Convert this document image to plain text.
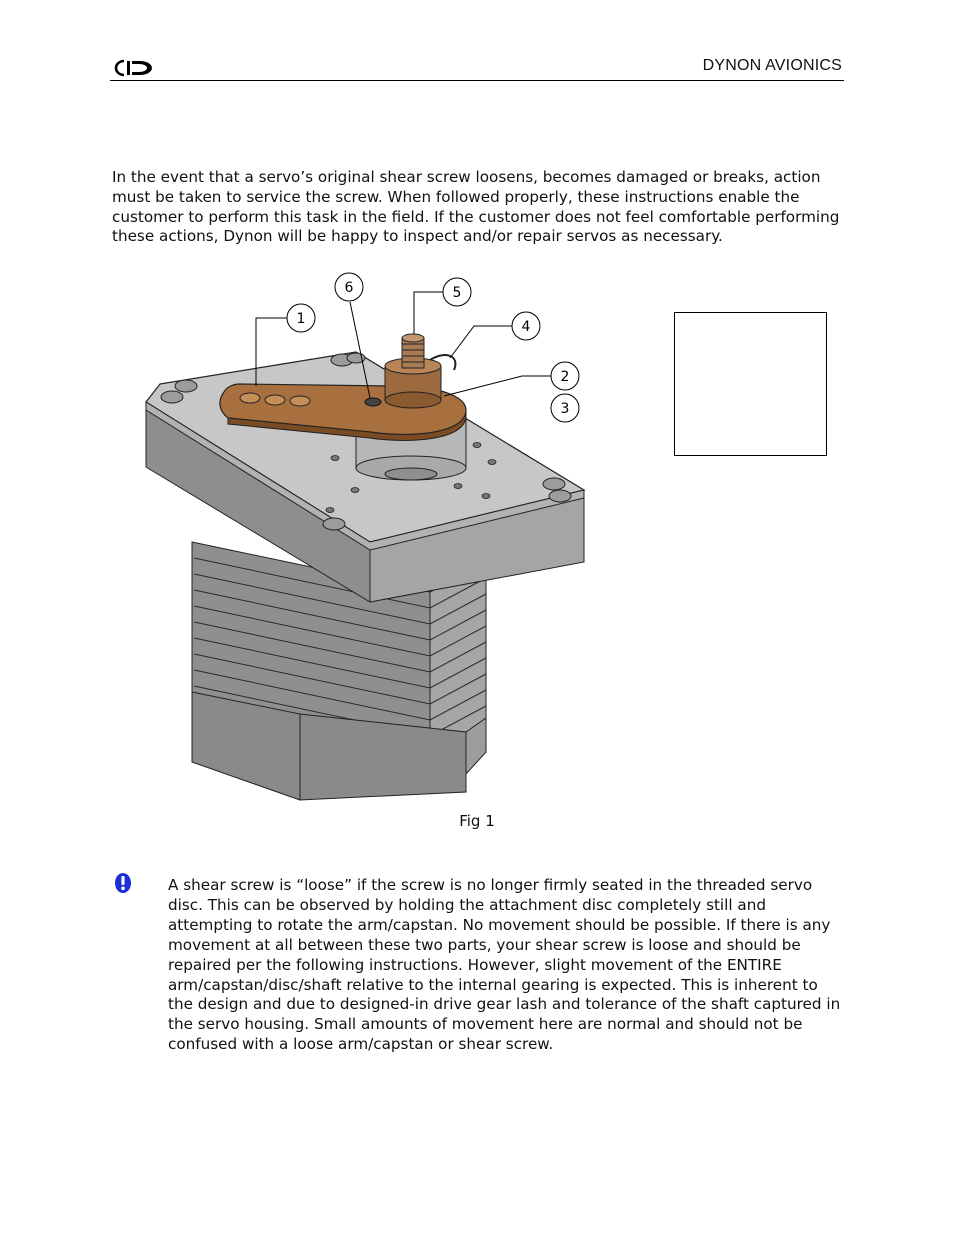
DYNON AVIONICS

In the event that a servo’s original shear screw loosens, becomes damaged or breaks, action must be taken to service the screw. When followed properly, these instructions enable the customer to perform this task in the field. If the customer does not feel comfortable performing these actions, Dynon will be happy to inspect and/or repair servos as necessary.

1
6	5
4
2
3
Fig 1

A shear screw is “loose” if the screw is no longer firmly seated in the threaded servo disc. This can be observed by holding the attachment disc completely still and attempting to rotate the arm/capstan. No movement should be possible. If there is any movement at all between these two parts, your shear screw is loose and should be repaired per the following instructions. However, slight movement of the ENTIRE arm/capstan/disc/shaft relative to the internal gearing is expected. This is inherent to the design and due to designed-in drive gear lash and tolerance of the shaft captured in the servo housing. Small amounts of movement here are normal and should not be confused with a loose arm/capstan or shear screw.
